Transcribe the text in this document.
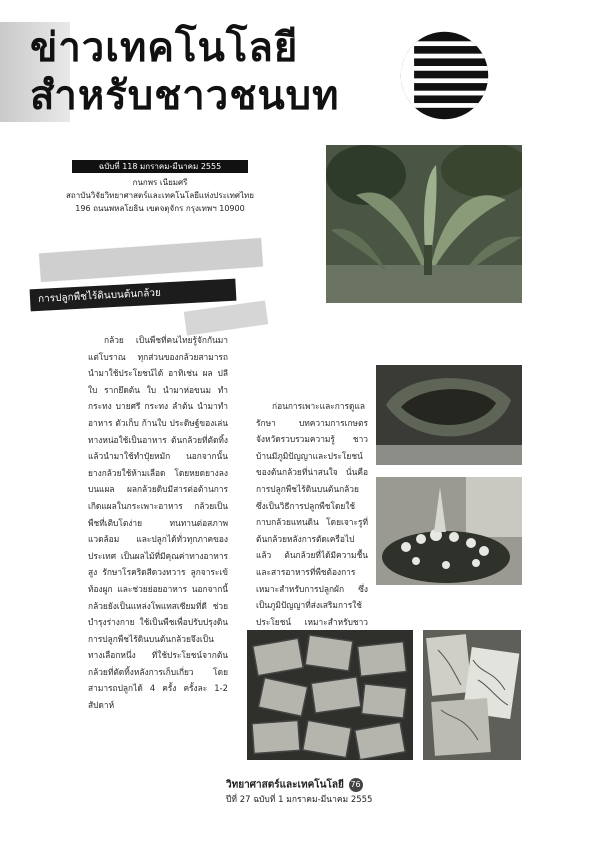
ข่าวเทคโนโลยี
สำหรับชาวชนบท
ฉบับที่ 118 มกราคม-มีนาคม 2555
กนกพร เนียมศรี
สถาบันวิจัยวิทยาศาสตร์และเทคโนโลยีแห่งประเทศไทย
196 ถนนพหลโยธิน เขตจตุจักร กรุงเทพฯ 10900
การปลูกพืชไร้ดินบนต้นกล้วย
กล้วย เป็นพืชที่คนไทยรู้จักกันมาแต่โบราณ ทุกส่วนของกล้วยสามารถนำมาใช้ประโยชน์ได้ อาทิเช่น ผล ปลี ใบ รากยึดต้น ใบ นำมาห่อขนม ทำกระทง บายศรี กระทง ลำต้น นำมาทำอาหาร ตัวเก็บ ก้านใบ ประดิษฐ์ของเล่น ทางหน่อใช้เป็นอาหาร ต้นกล้วยที่ตัดทิ้งแล้วนำมาใช้ทำปุ๋ยหมัก นอกจากนั้น ยางกล้วยใช้ห้ามเลือด โดยหยดยางลงบนแผล ผลกล้วยดิบมีสารต่อต้านการเกิดแผลในกระเพาะอาหาร กล้วยเป็นพืชที่เติบโตง่าย ทนทานต่อสภาพแวดล้อม และปลูกได้ทั่วทุกภาคของประเทศ เป็นผลไม้ที่มีคุณค่าทางอาหารสูง รักษาโรคริดสีดวงทวาร ลูกจาระเข้ ท้องผูก และช่วยย่อยอาหาร นอกจากนี้กล้วยยังเป็นแหล่งโพแทสเซียมที่ดี ช่วยบำรุงร่างกาย ใช้เป็นพืชเพื่อปรับปรุงดิน การปลูกพืชไร้ดินบนต้นกล้วยจึงเป็นทางเลือกหนึ่ง ที่ใช้ประโยชน์จากต้นกล้วยที่ตัดทิ้งหลังการเก็บเกี่ยว โดยสามารถปลูกได้ 4 ครั้ง ครั้งละ 1-2 สัปดาห์
ก่อนการเพาะและการดูแลรักษา บทความการเกษตรจังหวัดรวบรวมความรู้ ชาวบ้านมีภูมิปัญญาและประโยชน์ของต้นกล้วยที่น่าสนใจ นั่นคือ การปลูกพืชไร้ดินบนต้นกล้วย ซึ่งเป็นวิธีการปลูกพืชโดยใช้กาบกล้วยแทนดิน โดยเจาะรูที่ต้นกล้วยหลังการตัดเครือไปแล้ว ต้นกล้วยที่ได้มีความชื้นและสารอาหารที่พืชต้องการ เหมาะสำหรับการปลูกผัก ซึ่งเป็นภูมิปัญญาที่ส่งเสริมการใช้ประโยชน์ เหมาะสำหรับชาว
วิทยาศาสตร์และเทคโนโลยี 76
ปีที่ 27 ฉบับที่ 1 มกราคม-มีนาคม 2555
